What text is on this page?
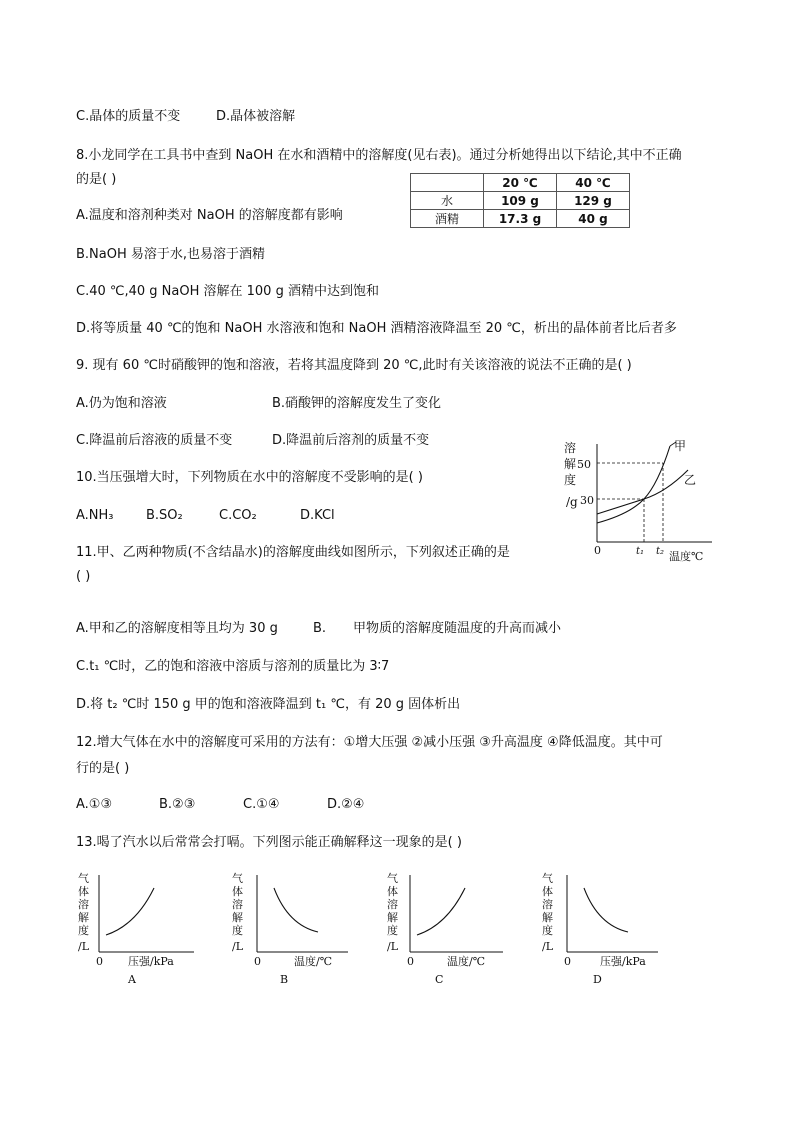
C.晶体的质量不变	D.晶体被溶解
8.小龙同学在工具书中查到 NaOH 在水和酒精中的溶解度(见右表)。通过分析她得出以下结论,其中不正确
的是( )
		20 ℃	40 ℃
水	109 g	129 g
酒精	17.3 g	40 g
A.温度和溶剂种类对 NaOH 的溶解度都有影响
B.NaOH 易溶于水,也易溶于酒精
C.40 ℃,40 g NaOH 溶解在 100 g 酒精中达到饱和
D.将等质量 40 ℃的饱和 NaOH 水溶液和饱和 NaOH 酒精溶液降温至 20 ℃，析出的晶体前者比后者多
9. 现有 60 ℃时硝酸钾的饱和溶液，若将其温度降到 20 ℃,此时有关该溶液的说法不正确的是( )
A.仍为饱和溶液	B.硝酸钾的溶解度发生了变化
C.降温前后溶液的质量不变	D.降温前后溶剂的质量不变
10.当压强增大时，下列物质在水中的溶解度不受影响的是( )
A.NH₃ B.SO₂	C.CO₂	D.KCl
溶
解
度
/g
50
30
0	t₁ t₂ 温度℃
甲
乙
11.甲、乙两种物质(不含结晶水)的溶解度曲线如图所示，下列叙述正确的是
( )
A.甲和乙的溶解度相等且均为 30 g	B. 甲物质的溶解度随温度的升高而减小
C.t₁ ℃时，乙的饱和溶液中溶质与溶剂的质量比为 3∶7
D.将 t₂ ℃时 150 g 甲的饱和溶液降温到 t₁ ℃，有 20 g 固体析出
12.增大气体在水中的溶解度可采用的方法有：①增大压强 ②减小压强 ③升高温度 ④降低温度。其中可
行的是( )
A.①③	B.②③	C.①④	D.②④
13.喝了汽水以后常常会打嗝。下列图示能正确解释这一现象的是( )
气
体
溶
解
度
/L
0 压强/kPa
A
气
体
溶
解
度
/L
0	温度/℃
B
气
体
溶
解
度
/L
0	温度/℃
C
气
体
溶
解
度
/L
0	压强/kPa
D
